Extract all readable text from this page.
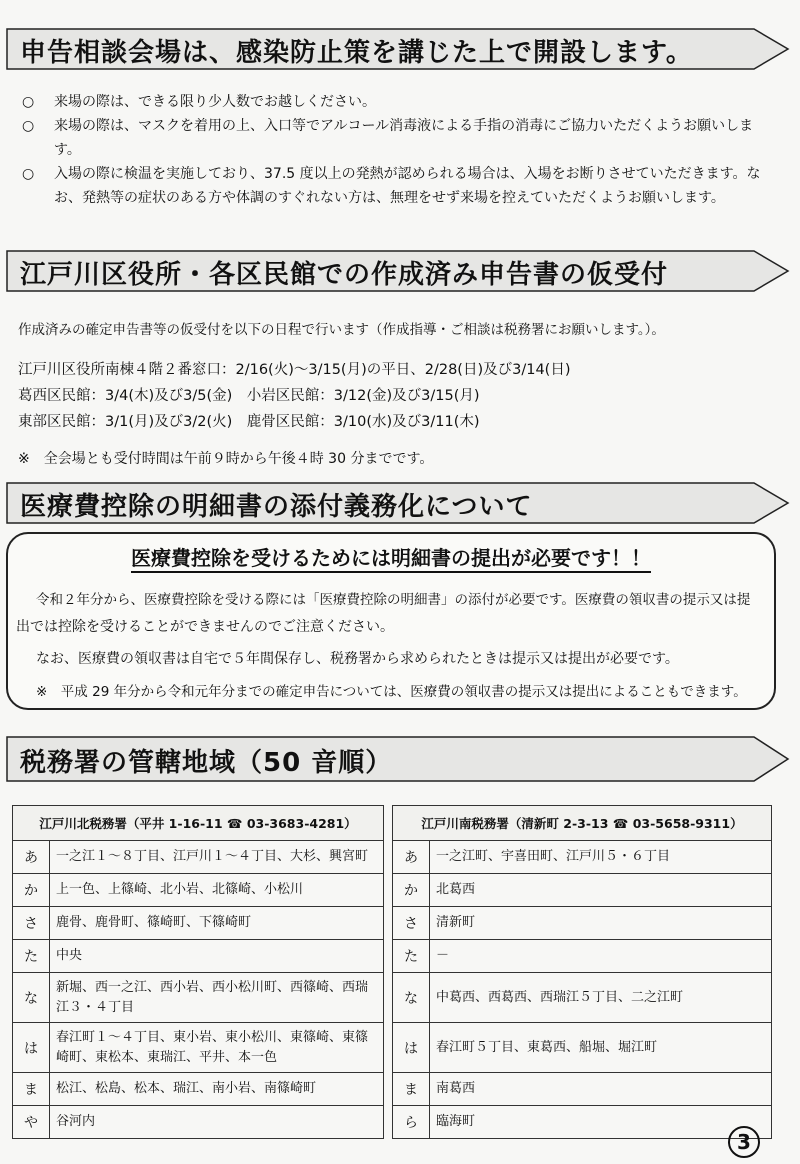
申告相談会場は、感染防止策を講じた上で開設します。
○ 来場の際は、できる限り少人数でお越しください。
○ 来場の際は、マスクを着用の上、入口等でアルコール消毒液による手指の消毒にご協力いただくようお願いします。
○ 入場の際に検温を実施しており、37.5 度以上の発熱が認められる場合は、入場をお断りさせていただきます。なお、発熱等の症状のある方や体調のすぐれない方は、無理をせず来場を控えていただくようお願いします。
江戸川区役所・各区民館での作成済み申告書の仮受付
作成済みの確定申告書等の仮受付を以下の日程で行います（作成指導・ご相談は税務署にお願いします。）。
江戸川区役所南棟４階２番窓口：2/16(火)～3/15(月)の平日、2/28(日)及び3/14(日)
葛西区民館：3/4(木)及び3/5(金)　小岩区民館：3/12(金)及び3/15(月)
東部区民館：3/1(月)及び3/2(火)　鹿骨区民館：3/10(水)及び3/11(木)
※　全会場とも受付時間は午前９時から午後４時 30 分までです。
医療費控除の明細書の添付義務化について
医療費控除を受けるためには明細書の提出が必要です！！
令和２年分から、医療費控除を受ける際には「医療費控除の明細書」の添付が必要です。医療費の領収書の提示又は提
出では控除を受けることができませんのでご注意ください。
なお、医療費の領収書は自宅で５年間保存し、税務署から求められたときは提示又は提出が必要です。
※　平成 29 年分から令和元年分までの確定申告については、医療費の領収書の提示又は提出によることもできます。
税務署の管轄地域（50 音順）
江戸川北税務署（平井 1-16-11 ☎ 03-3683-4281）	
あ	一之江１～８丁目、江戸川１～４丁目、大杉、興宮町
か	上一色、上篠崎、北小岩、北篠崎、小松川
さ	鹿骨、鹿骨町、篠崎町、下篠崎町
た	中央
な	新堀、西一之江、西小岩、西小松川町、西篠崎、西瑞江３・４丁目
は	春江町１～４丁目、東小岩、東小松川、東篠崎、東篠崎町、東松本、東瑞江、平井、本一色
ま	松江、松島、松本、瑞江、南小岩、南篠崎町
や	谷河内
江戸川南税務署（清新町 2-3-13 ☎ 03-5658-9311）	
あ	一之江町、宇喜田町、江戸川５・６丁目
か	北葛西
さ	清新町
た	－
な	中葛西、西葛西、西瑞江５丁目、二之江町
は	春江町５丁目、東葛西、船堀、堀江町
ま	南葛西
ら	臨海町
3
